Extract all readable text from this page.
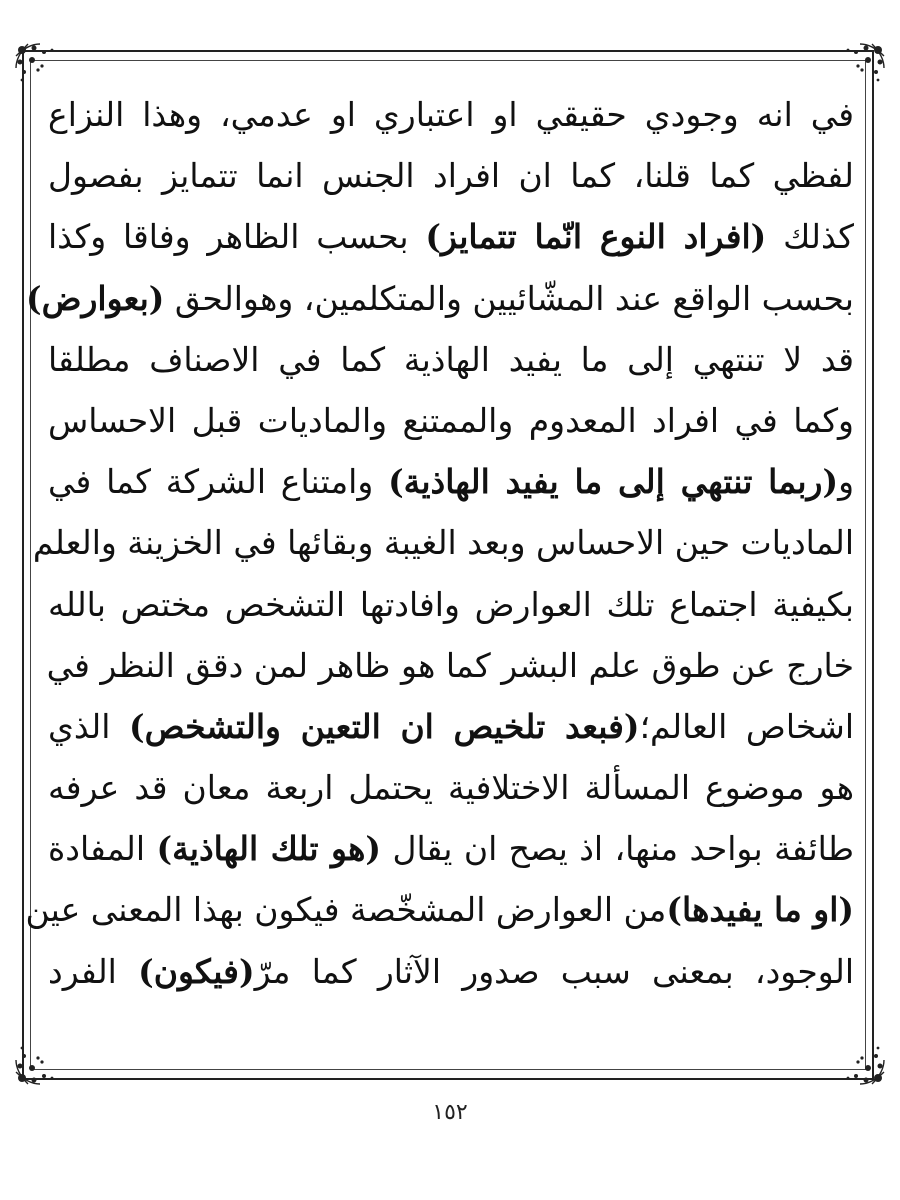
في انه وجودي حقيقي او اعتباري او عدمي، وهذا النزاع
لفظي كما قلنا، كما ان افراد الجنس انما تتمايز بفصول
كذلك (افراد النوع انّما تتمايز) بحسب الظاهر وفاقا وكذا
بحسب الواقع عند المشّائيين والمتكلمين، وهوالحق (بعوارض)
قد لا تنتهي إلى ما يفيد الهاذية كما في الاصناف مطلقا
وكما في افراد المعدوم والممتنع والماديات قبل الاحساس
و(ربما تنتهي إلى ما يفيد الهاذية) وامتناع الشركة كما في
الماديات حين الاحساس وبعد الغيبة وبقائها في الخزينة والعلم
بكيفية اجتماع تلك العوارض وافادتها التشخص مختص بالله
خارج عن طوق علم البشر كما هو ظاهر لمن دقق النظر في
اشخاص العالم؛(فبعد تلخيص ان التعين والتشخص) الذي
هو موضوع المسألة الاختلافية يحتمل اربعة معان قد عرفه
طائفة بواحد منها، اذ يصح ان يقال (هو تلك الهاذية) المفادة
(او ما يفيدها)من العوارض المشخّصة فيكون بهذا المعنى عين
الوجود، بمعنى سبب صدور الآثار كما مرّ(فيكون) الفرد
١٥٢
